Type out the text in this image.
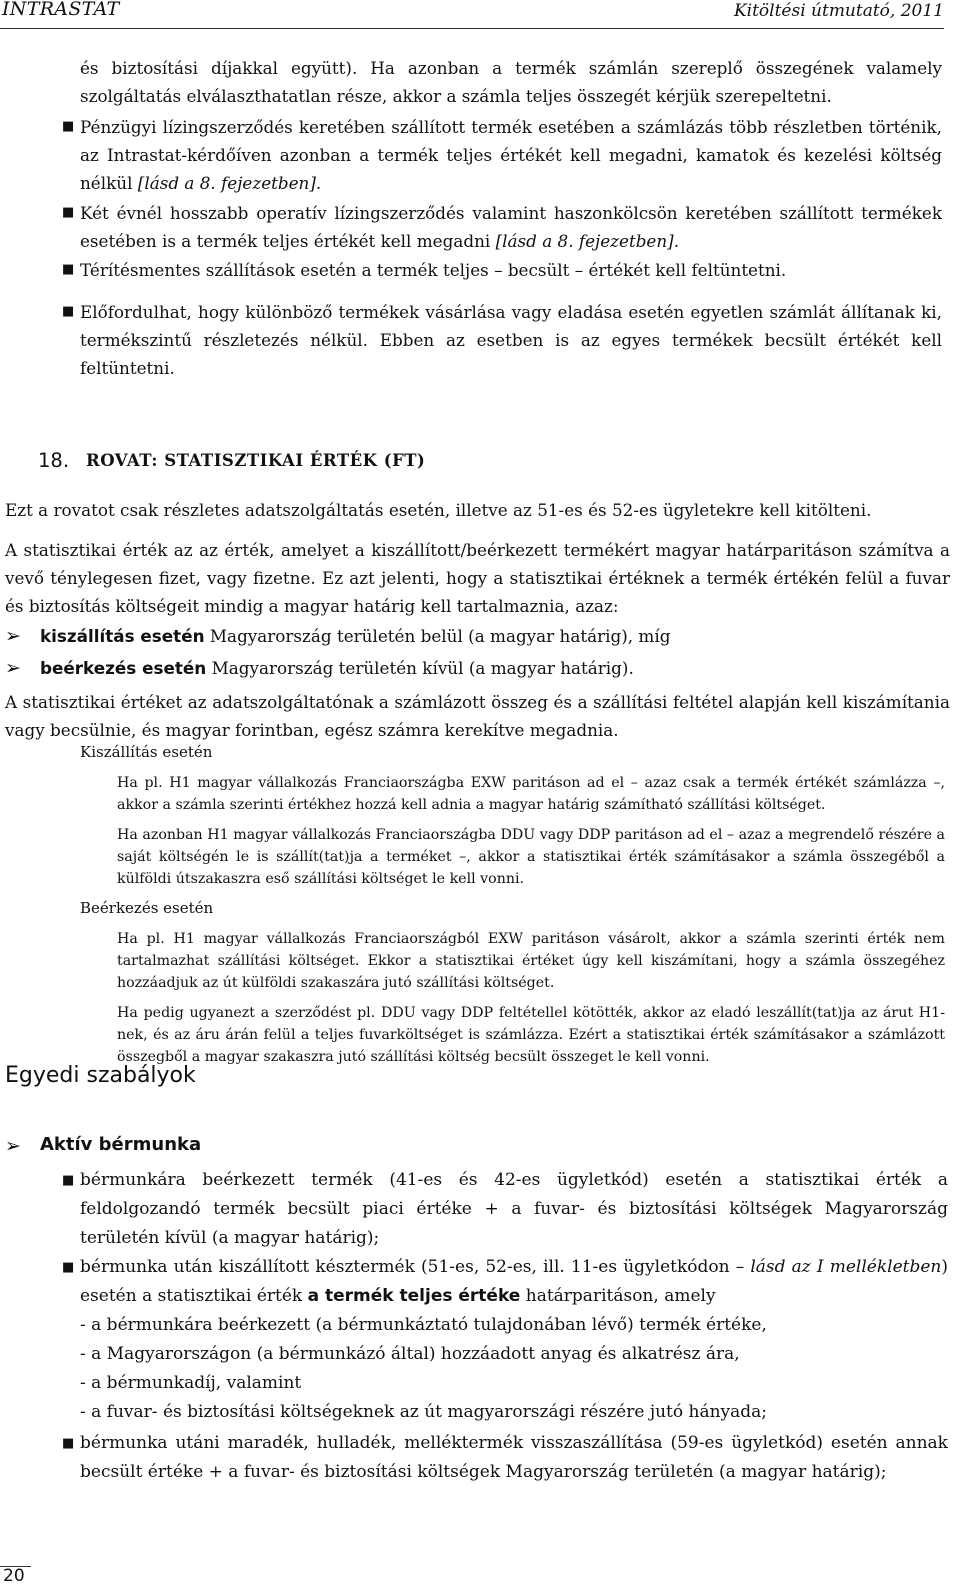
INTRASTAT	Kitöltési útmutató, 2011
és biztosítási díjakkal együtt). Ha azonban a termék számlán szereplő összegének valamely szolgáltatás elválaszthatatlan része, akkor a számla teljes összegét kérjük szerepeltetni.
■ Pénzügyi lízingszerződés keretében szállított termék esetében a számlázás több részletben történik, az Intrastat-kérdőíven azonban a termék teljes értékét kell megadni, kamatok és kezelési költség nélkül [lásd a 8. fejezetben].
■ Két évnél hosszabb operatív lízingszerződés valamint haszonkölcsön keretében szállított termékek esetében is a termék teljes értékét kell megadni [lásd a 8. fejezetben].
■ Térítésmentes szállítások esetén a termék teljes – becsült – értékét kell feltüntetni.
■ Előfordulhat, hogy különböző termékek vásárlása vagy eladása esetén egyetlen számlát állítanak ki, termékszintű részletezés nélkül. Ebben az esetben is az egyes termékek becsült értékét kell feltüntetni.
18. ROVAT: STATISZTIKAI ÉRTÉK (FT)
Ezt a rovatot csak részletes adatszolgáltatás esetén, illetve az 51-es és 52-es ügyletekre kell kitölteni.
A statisztikai érték az az érték, amelyet a kiszállított/beérkezett termékért magyar határparitáson számítva a vevő ténylegesen fizet, vagy fizetne. Ez azt jelenti, hogy a statisztikai értéknek a termék értékén felül a fuvar és biztosítás költségeit mindig a magyar határig kell tartalmaznia, azaz:
➢ kiszállítás esetén Magyarország területén belül (a magyar határig), míg
➢ beérkezés esetén Magyarország területén kívül (a magyar határig).
A statisztikai értéket az adatszolgáltatónak a számlázott összeg és a szállítási feltétel alapján kell kiszámítania vagy becsülnie, és magyar forintban, egész számra kerekítve megadnia.
Kiszállítás esetén
Ha pl. H1 magyar vállalkozás Franciaországba EXW paritáson ad el – azaz csak a termék értékét számlázza –, akkor a számla szerinti értékhez hozzá kell adnia a magyar határig számítható szállítási költséget.
Ha azonban H1 magyar vállalkozás Franciaországba DDU vagy DDP paritáson ad el – azaz a megrendelő részére a saját költségén le is szállít(tat)ja a terméket –, akkor a statisztikai érték számításakor a számla összegéből a külföldi útszakaszra eső szállítási költséget le kell vonni.
Beérkezés esetén
Ha pl. H1 magyar vállalkozás Franciaországból EXW paritáson vásárolt, akkor a számla szerinti érték nem tartalmazhat szállítási költséget. Ekkor a statisztikai értéket úgy kell kiszámítani, hogy a számla összegéhez hozzáadjuk az út külföldi szakaszára jutó szállítási költséget.
Ha pedig ugyanezt a szerződést pl. DDU vagy DDP feltétellel kötötték, akkor az eladó leszállít(tat)ja az árut H1-nek, és az áru árán felül a teljes fuvarköltséget is számlázza. Ezért a statisztikai érték számításakor a számlázott összegből a magyar szakaszra jutó szállítási költség becsült összeget le kell vonni.
Egyedi szabályok
➢ Aktív bérmunka
■ bérmunkára beérkezett termék (41-es és 42-es ügyletkód) esetén a statisztikai érték a feldolgozandó termék becsült piaci értéke + a fuvar- és biztosítási költségek Magyarország területén kívül (a magyar határig);
■ bérmunka után kiszállított késztermék (51-es, 52-es, ill. 11-es ügyletkódon – lásd az I mellékletben) esetén a statisztikai érték a termék teljes értéke határparitáson, amely
- a bérmunkára beérkezett (a bérmunkáztató tulajdonában lévő) termék értéke,
- a Magyarországon (a bérmunkázó által) hozzáadott anyag és alkatrész ára,
- a bérmunkadíj, valamint
- a fuvar- és biztosítási költségeknek az út magyarországi részére jutó hányada;
■ bérmunka utáni maradék, hulladék, melléktermék visszaszállítása (59-es ügyletkód) esetén annak becsült értéke + a fuvar- és biztosítási költségek Magyarország területén (a magyar határig);
20
